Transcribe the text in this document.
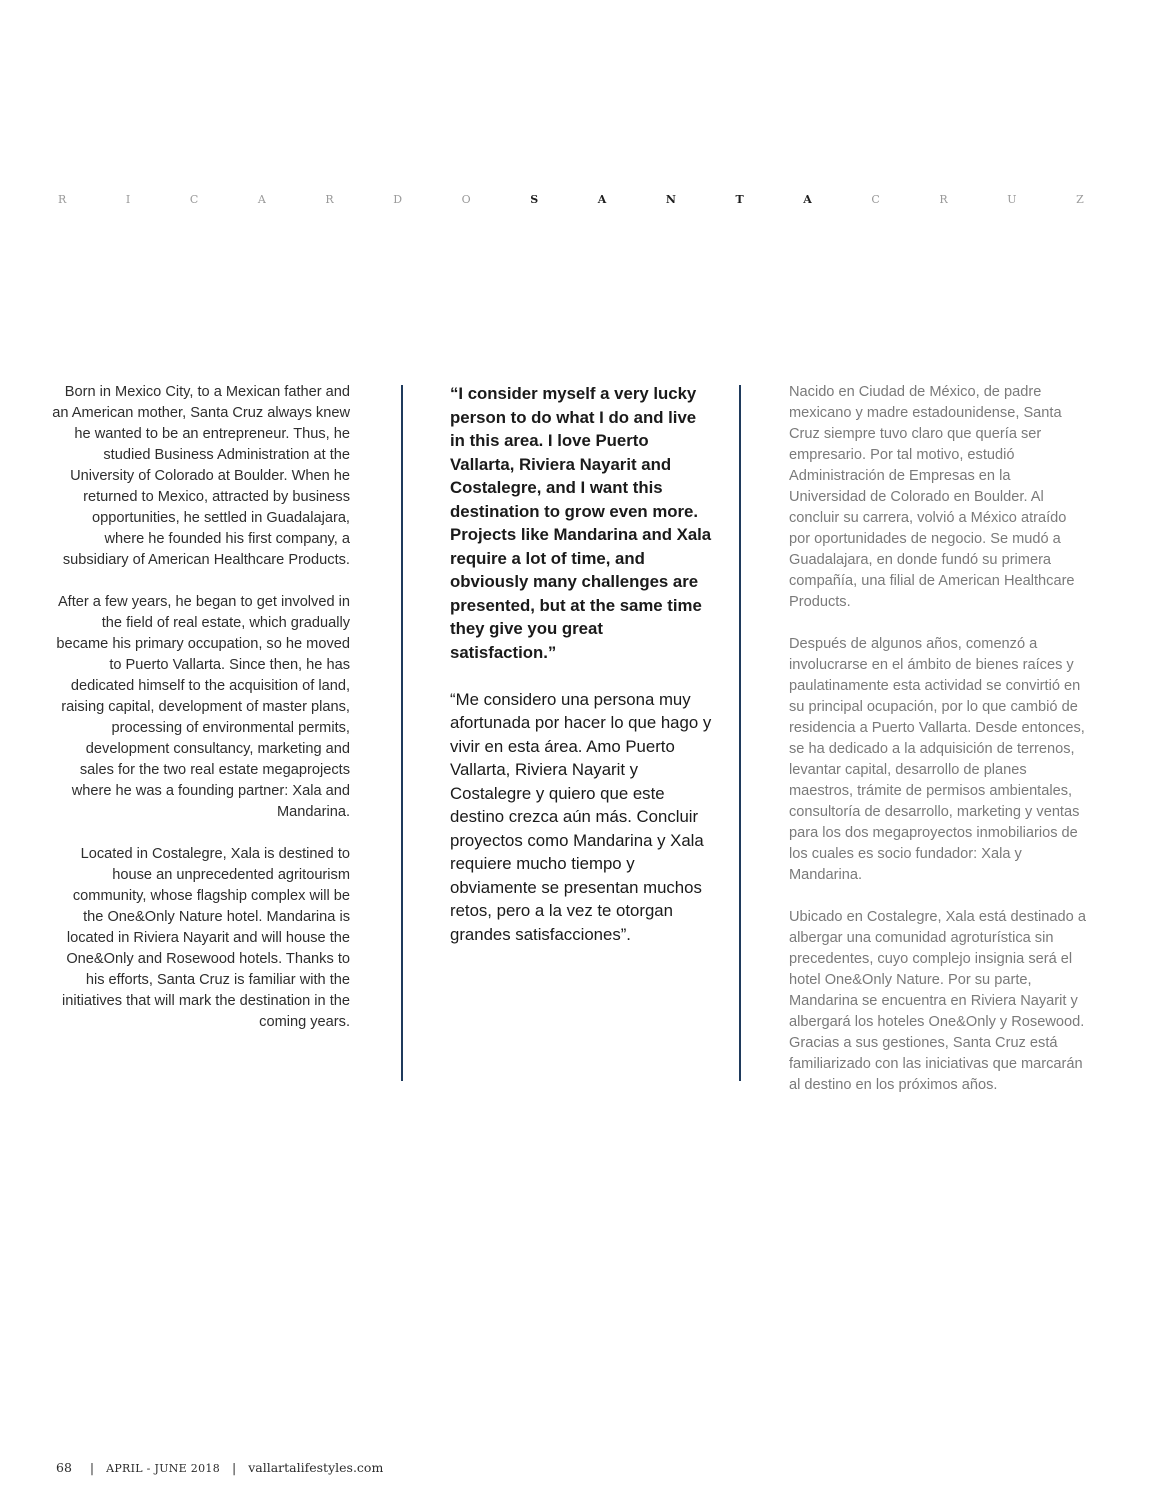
R	I	C	A	R	D	O	S	A	N	T	A	C	R	U	Z

Born in Mexico City, to a Mexican father and an American mother, Santa Cruz always knew he wanted to be an entrepreneur. Thus, he studied Business Administration at the University of Colorado at Boulder. When he returned to Mexico, attracted by business opportunities, he settled in Guadalajara, where he founded his first company, a subsidiary of American Healthcare Products.

After a few years, he began to get involved in the field of real estate, which gradually became his primary occupation, so he moved to Puerto Vallarta. Since then, he has dedicated himself to the acquisition of land, raising capital, development of master plans, processing of environmental permits, development consultancy, marketing and sales for the two real estate megaprojects where he was a founding partner: Xala and Mandarina.

Located in Costalegre, Xala is destined to house an unprecedented agritourism community, whose flagship complex will be the One&Only Nature hotel. Mandarina is located in Riviera Nayarit and will house the One&Only and Rosewood hotels. Thanks to his efforts, Santa Cruz is familiar with the initiatives that will mark the destination in the coming years.

“I consider myself a very lucky person to do what I do and live in this area. I love Puerto Vallarta, Riviera Nayarit and Costalegre, and I want this destination to grow even more. Projects like Mandarina and Xala require a lot of time, and obviously many challenges are presented, but at the same time they give you great satisfaction.”

“Me considero una persona muy afortunada por hacer lo que hago y vivir en esta área. Amo Puerto Vallarta, Riviera Nayarit y Costalegre y quiero que este destino crezca aún más. Concluir proyectos como Mandarina y Xala requiere mucho tiempo y obviamente se presentan muchos retos, pero a la vez te otorgan grandes satisfacciones”.

Nacido en Ciudad de México, de padre mexicano y madre estadounidense, Santa Cruz siempre tuvo claro que quería ser empresario. Por tal motivo, estudió Administración de Empresas en la Universidad de Colorado en Boulder. Al concluir su carrera, volvió a México atraído por oportunidades de negocio. Se mudó a Guadalajara, en donde fundó su primera compañía, una filial de American Healthcare Products.

Después de algunos años, comenzó a involucrarse en el ámbito de bienes raíces y paulatinamente esta actividad se convirtió en su principal ocupación, por lo que cambió de residencia a Puerto Vallarta. Desde entonces, se ha dedicado a la adquisición de terrenos, levantar capital, desarrollo de planes maestros, trámite de permisos ambientales, consultoría de desarrollo, marketing y ventas para los dos megaproyectos inmobiliarios de los cuales es socio fundador: Xala y Mandarina.

Ubicado en Costalegre, Xala está destinado a albergar una comunidad agroturística sin precedentes, cuyo complejo insignia será el hotel One&Only Nature. Por su parte, Mandarina se encuentra en Riviera Nayarit y albergará los hoteles One&Only y Rosewood. Gracias a sus gestiones, Santa Cruz está familiarizado con las iniciativas que marcarán al destino en los próximos años.

68 | APRIL - JUNE 2018 | vallartalifestyles.com
